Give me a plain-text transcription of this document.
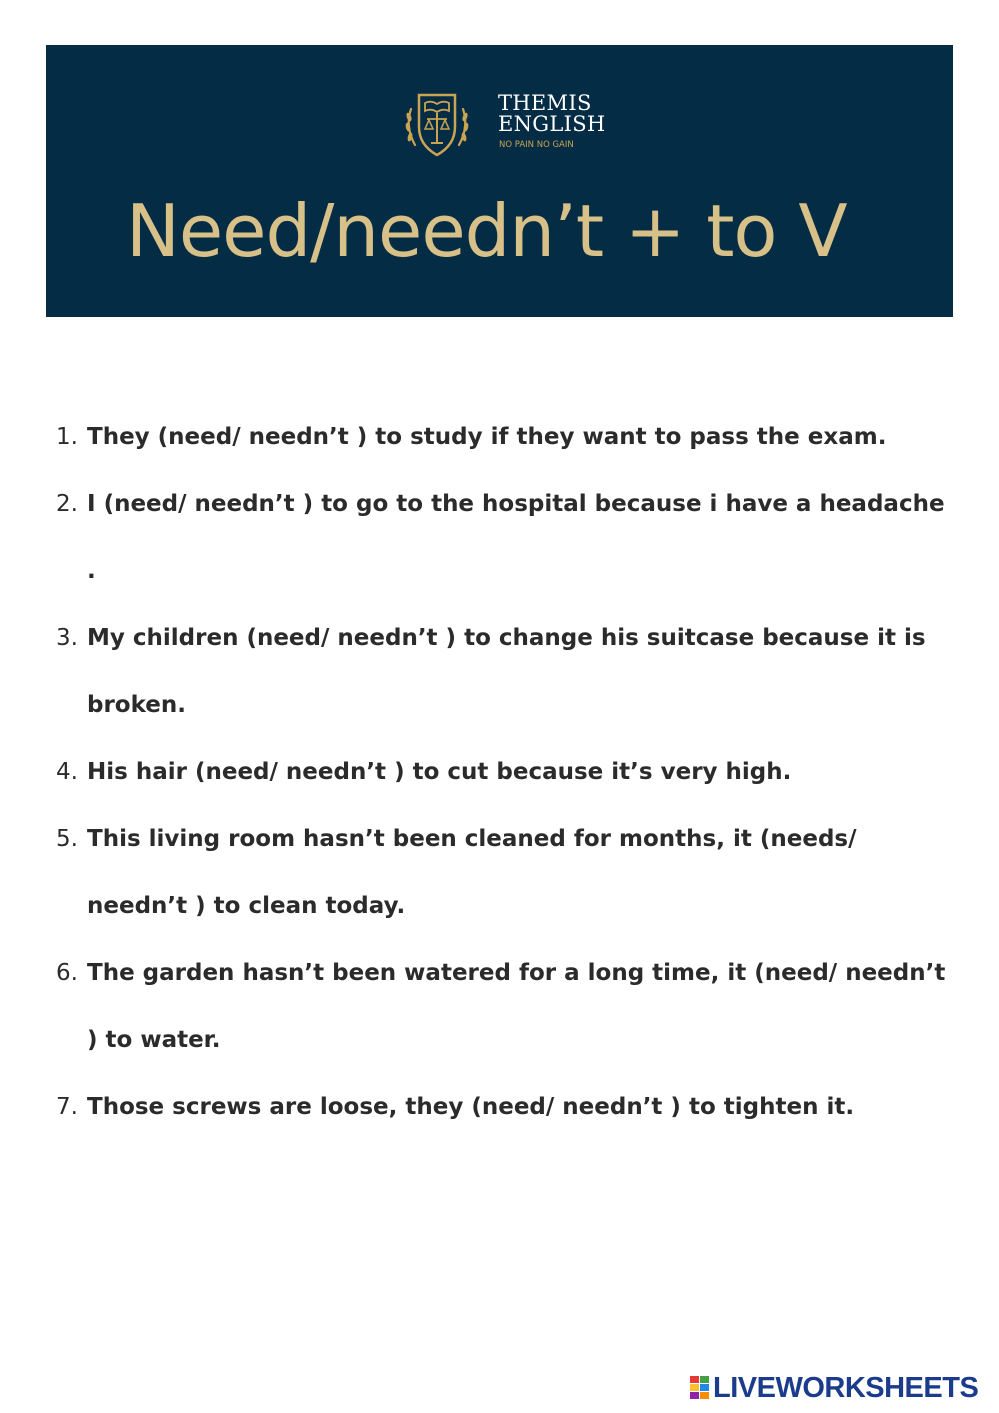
THEMIS
ENGLISH
NO PAIN NO GAIN
Need/needn’t + to V
1. They (need/ needn’t ) to study if they want to pass the exam.
2. I (need/ needn’t ) to go to the hospital because i have a headache .
3. My children (need/ needn’t ) to change his suitcase because it is broken.
4. His hair (need/ needn’t ) to cut because it’s very high.
5. This living room hasn’t been cleaned for months, it (needs/ needn’t ) to clean today.
6. The garden hasn’t been watered for a long time, it (need/ needn’t ) to water.
7. Those screws are loose, they (need/ needn’t ) to tighten it.
LIVEWORKSHEETS
